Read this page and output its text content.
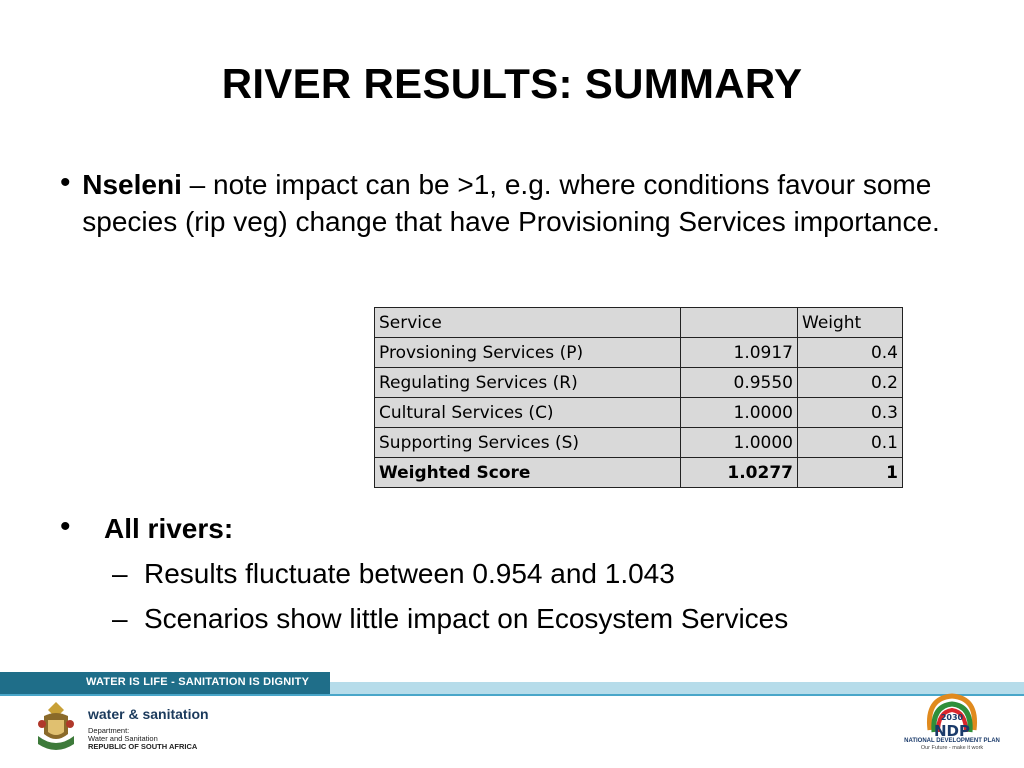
RIVER RESULTS: SUMMARY
• Nseleni – note impact can be >1, e.g. where conditions favour some species (rip veg) change that have Provisioning Services importance.
Service		Weight
Provsioning Services (P)	1.0917	0.4
Regulating Services (R)	0.9550	0.2
Cultural Services (C)	1.0000	0.3
Supporting Services (S)	1.0000	0.1
Weighted Score	1.0277	1
•	All rivers:
– Results fluctuate between 0.954 and 1.043
– Scenarios show little impact on Ecosystem Services
WATER IS LIFE - SANITATION IS DIGNITY
water & sanitation
Department:
Water and Sanitation
REPUBLIC OF SOUTH AFRICA
2030
NDP
NATIONAL DEVELOPMENT PLAN
Our Future - make it work
